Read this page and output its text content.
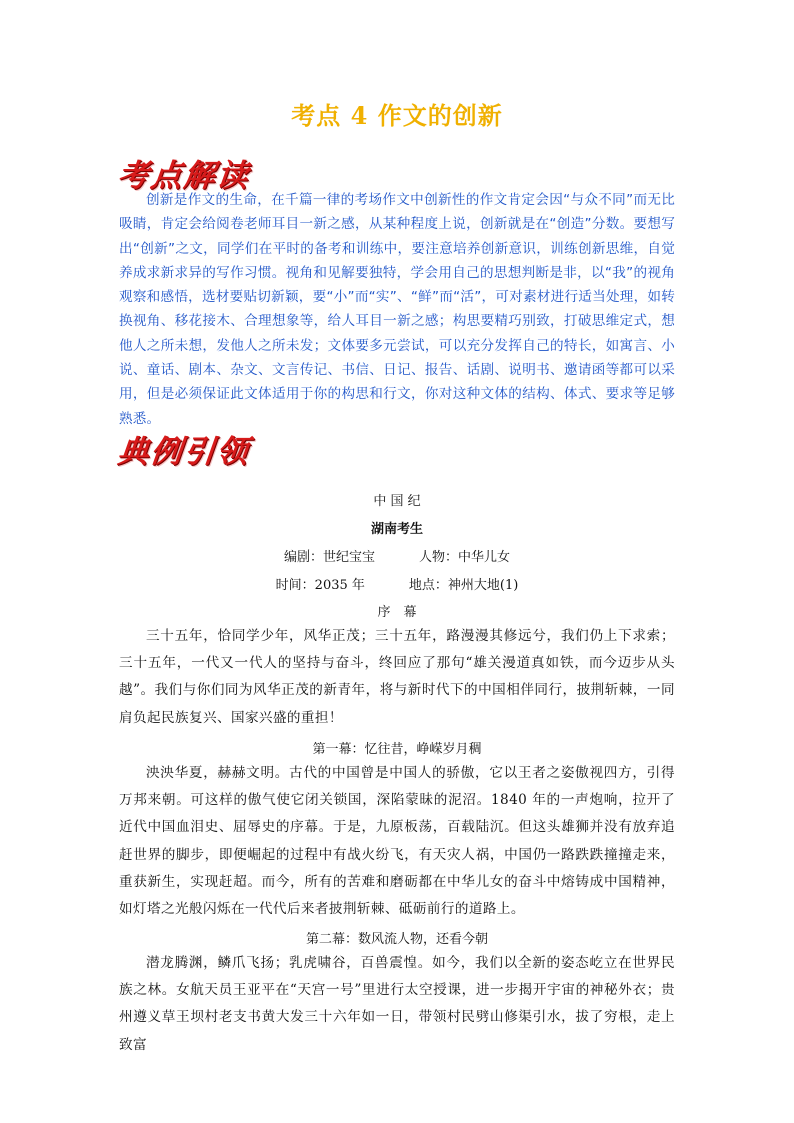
考点 4 作文的创新
考点解读

创新是作文的生命，在千篇一律的考场作文中创新性的作文肯定会因“与众不同”而无比吸睛，肯定会给阅卷老师耳目一新之感，从某种程度上说，创新就是在“创造”分数。要想写出“创新”之文，同学们在平时的备考和训练中，要注意培养创新意识，训练创新思维，自觉养成求新求异的写作习惯。视角和见解要独特，学会用自己的思想判断是非，以“我”的视角观察和感悟，选材要贴切新颖，要“小”而“实”、“鲜”而“活”，可对素材进行适当处理，如转换视角、移花接木、合理想象等，给人耳目一新之感；构思要精巧别致，打破思维定式，想他人之所未想，发他人之所未发；文体要多元尝试，可以充分发挥自己的特长，如寓言、小说、童话、剧本、杂文、文言传记、书信、日记、报告、话剧、说明书、邀请函等都可以采用，但是必须保证此文体适用于你的构思和行文，你对这种文体的结构、体式、要求等足够熟悉。

典例引领
中 国 纪
湖南考生
编剧：世纪宝宝	人物：中华儿女
时间：2035 年	地点：神州大地(1)
序　幕

三十五年，恰同学少年，风华正茂；三十五年，路漫漫其修远兮，我们仍上下求索；三十五年，一代又一代人的坚持与奋斗，终回应了那句“雄关漫道真如铁，而今迈步从头越”。我们与你们同为风华正茂的新青年，将与新时代下的中国相伴同行，披荆斩棘，一同肩负起民族复兴、国家兴盛的重担！

第一幕：忆往昔，峥嵘岁月稠

泱泱华夏，赫赫文明。古代的中国曾是中国人的骄傲，它以王者之姿傲视四方，引得万邦来朝。可这样的傲气使它闭关锁国，深陷蒙昧的泥沼。1840 年的一声炮响，拉开了近代中国血泪史、屈辱史的序幕。于是，九原板荡，百载陆沉。但这头雄狮并没有放弃追赶世界的脚步，即便崛起的过程中有战火纷飞，有天灾人祸，中国仍一路跌跌撞撞走来，重获新生，实现赶超。而今，所有的苦难和磨砺都在中华儿女的奋斗中熔铸成中国精神，如灯塔之光般闪烁在一代代后来者披荆斩棘、砥砺前行的道路上。

第二幕：数风流人物，还看今朝

潜龙腾渊，鳞爪飞扬；乳虎啸谷，百兽震惶。如今，我们以全新的姿态屹立在世界民族之林。女航天员王亚平在“天宫一号”里进行太空授课，进一步揭开宇宙的神秘外衣；贵州遵义草王坝村老支书黄大发三十六年如一日，带领村民劈山修渠引水，拔了穷根，走上致富
